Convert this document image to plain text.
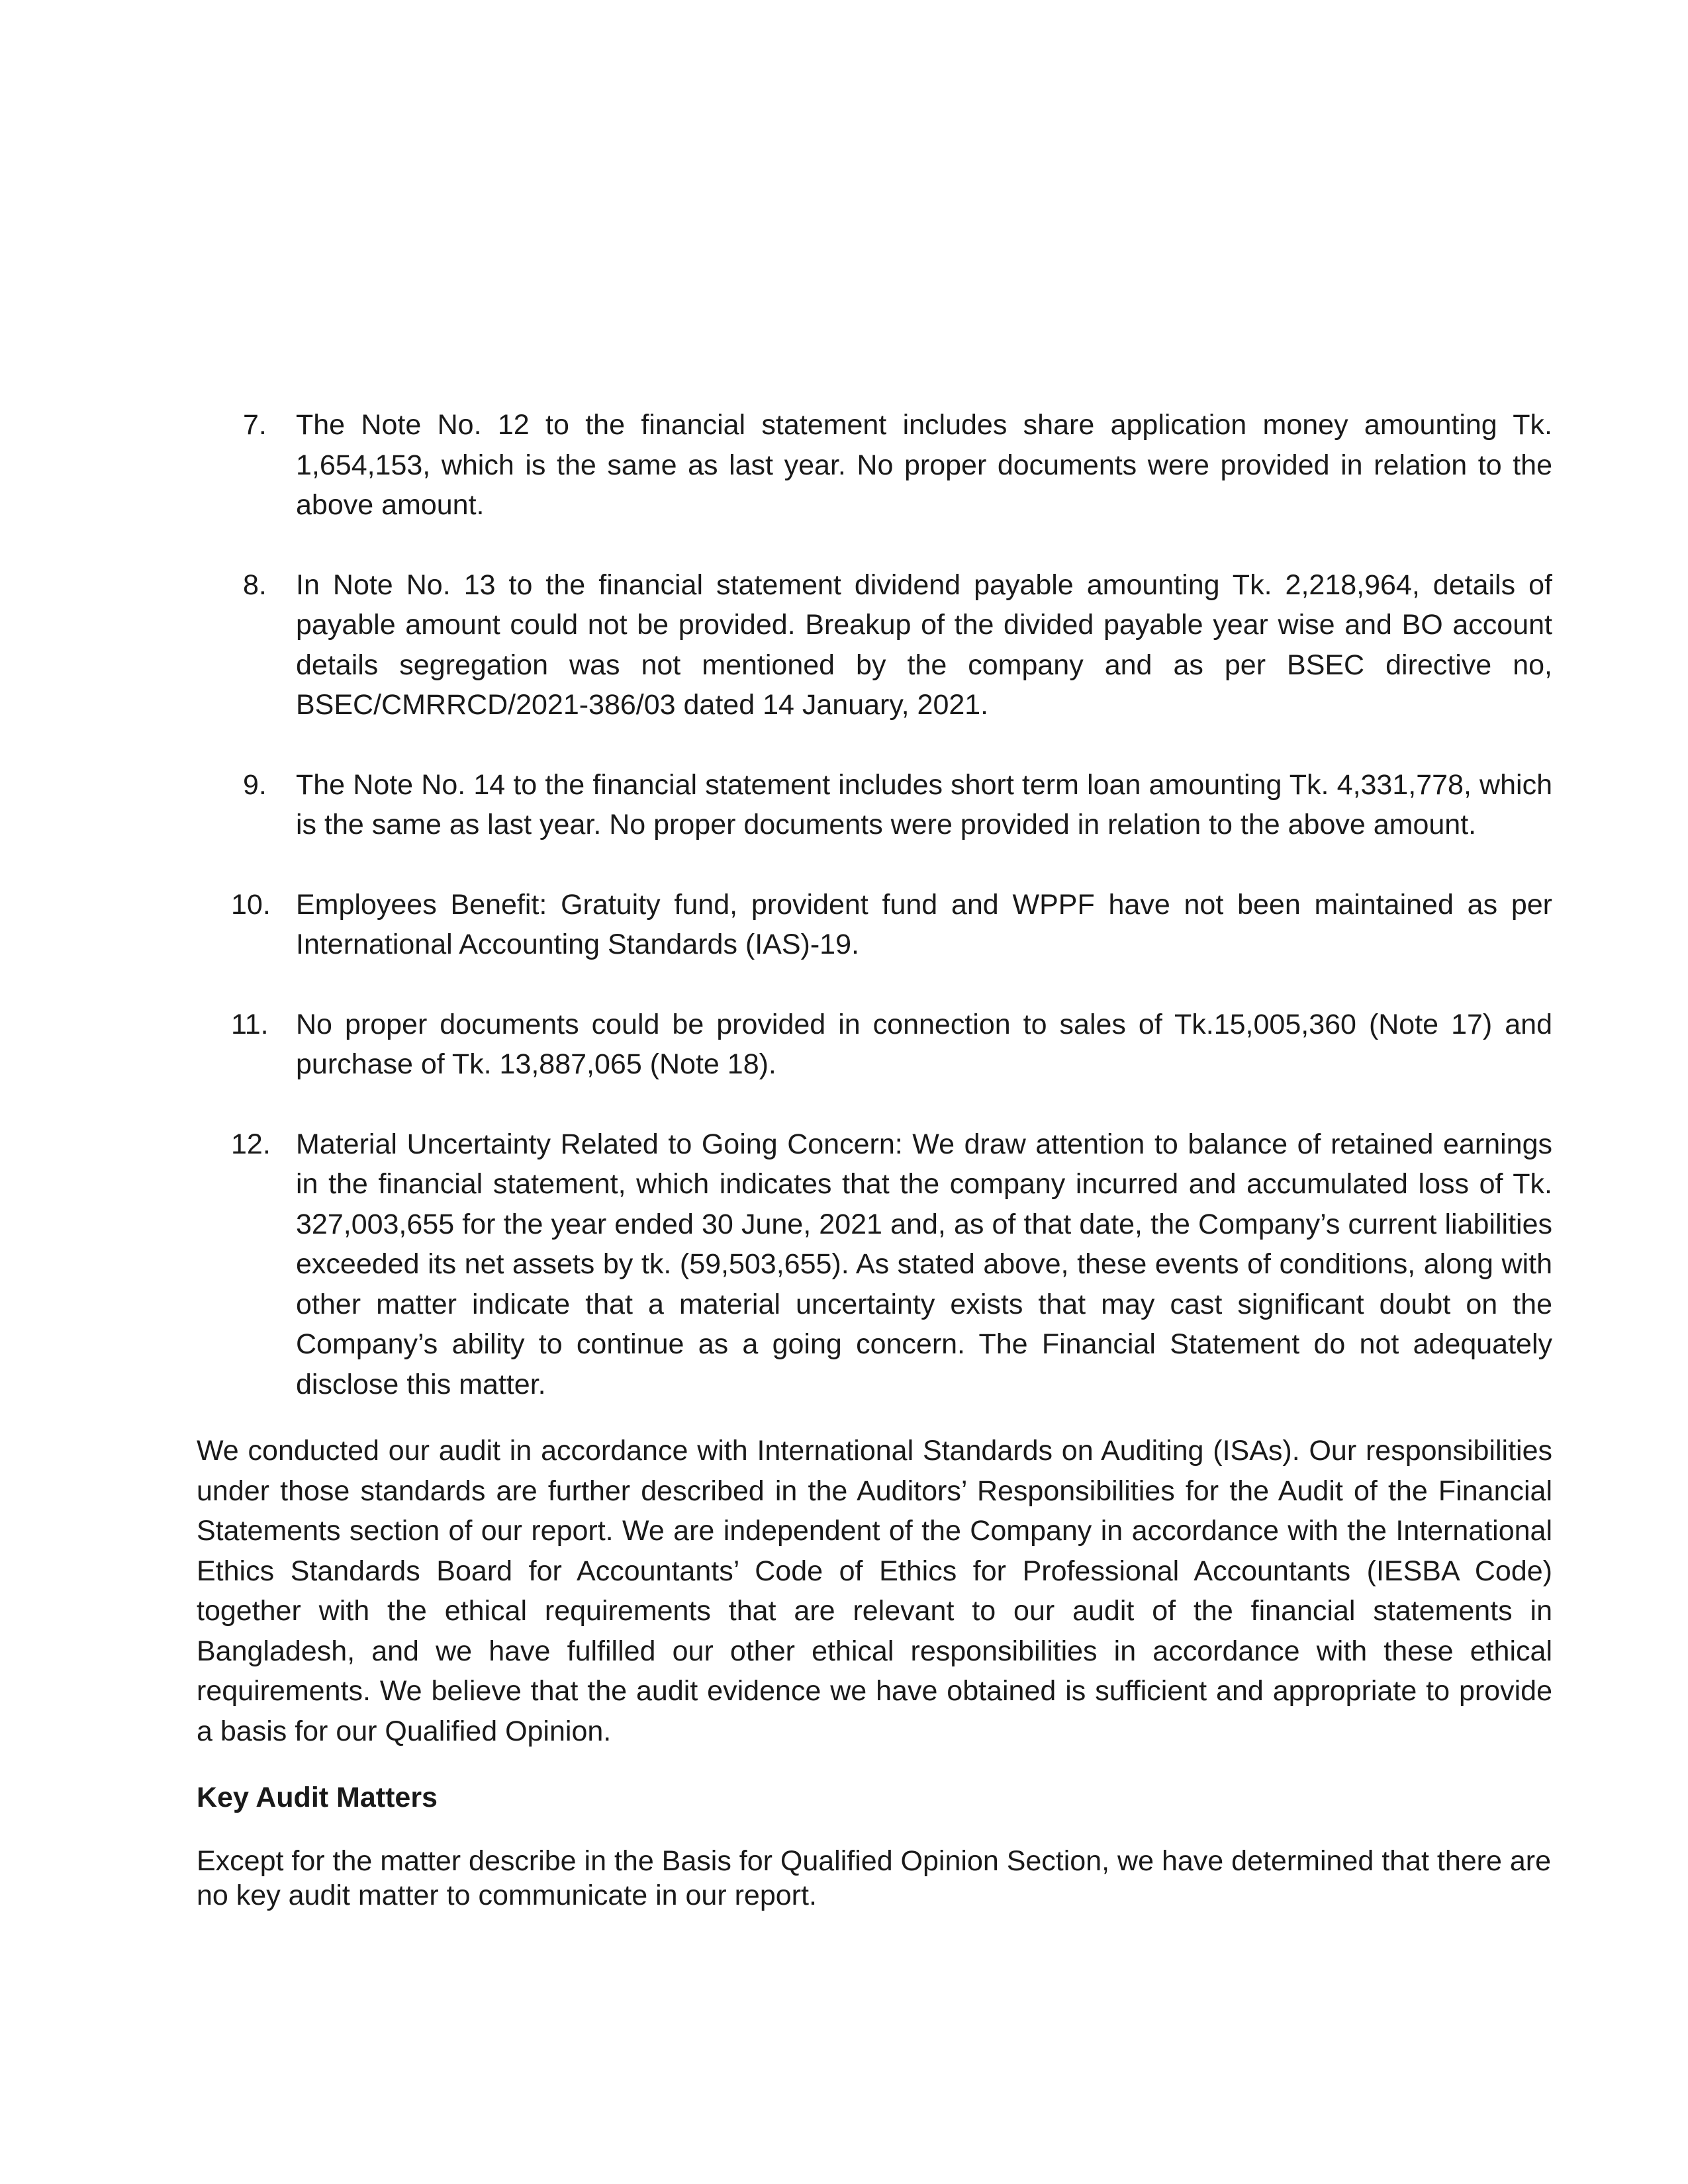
7.	The Note No. 12 to the financial statement includes share application money amounting Tk. 1,654,153, which is the same as last year. No proper documents were provided in relation to the above amount.
8.	In Note No. 13 to the financial statement dividend payable amounting Tk. 2,218,964, details of payable amount could not be provided. Breakup of the divided payable year wise and BO account details segregation was not mentioned by the company and as per BSEC directive no, BSEC/CMRRCD/2021-386/03 dated 14 January, 2021.
9.	The Note No. 14 to the financial statement includes short term loan amounting Tk. 4,331,778, which is the same as last year. No proper documents were provided in relation to the above amount.
10. Employees Benefit: Gratuity fund, provident fund and WPPF have not been maintained as per International Accounting Standards (IAS)-19.
11. No proper documents could be provided in connection to sales of Tk.15,005,360 (Note 17) and purchase of Tk. 13,887,065 (Note 18).
12. Material Uncertainty Related to Going Concern: We draw attention to balance of retained earnings in the financial statement, which indicates that the company incurred and accumulated loss of Tk. 327,003,655 for the year ended 30 June, 2021 and, as of that date, the Company’s current liabilities exceeded its net assets by tk. (59,503,655). As stated above, these events of conditions, along with other matter indicate that a material uncertainty exists that may cast significant doubt on the Company’s ability to continue as a going concern. The Financial Statement do not adequately disclose this matter.

We conducted our audit in accordance with International Standards on Auditing (ISAs). Our responsibilities under those standards are further described in the Auditors’ Responsibilities for the Audit of the Financial Statements section of our report. We are independent of the Company in accordance with the International Ethics Standards Board for Accountants’ Code of Ethics for Professional Accountants (IESBA Code) together with the ethical requirements that are relevant to our audit of the financial statements in Bangladesh, and we have fulfilled our other ethical responsibilities in accordance with these ethical requirements. We believe that the audit evidence we have obtained is sufficient and appropriate to provide a basis for our Qualified Opinion.

Key Audit Matters

Except for the matter describe in the Basis for Qualified Opinion Section, we have determined that there are no key audit matter to communicate in our report.
